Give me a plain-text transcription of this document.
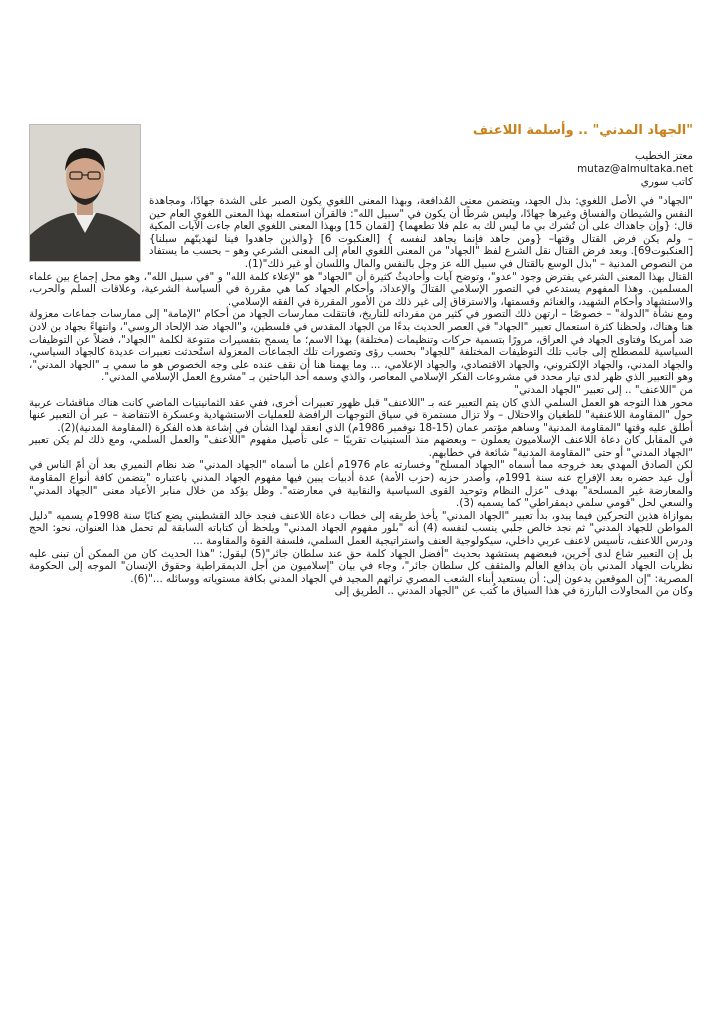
"الجهاد المدني" .. وأسلمة اللاعنف

معتز الخطيب

mutaz@almultaka.net

كاتب سوري

"الجهاد" في الأصل اللغوي: بذل الجهد، ويتضمن معنى المُدافعة، وبهذا المعنى اللغوي يكون الصبر على الشدة جهادًا، ومجاهدة النفس والشيطان والفساق وغيرها جهادًا، وليس شرطًا أن يكون في "سبيل الله": فالقرآن استعمله بهذا المعنى اللغوي العام حين قال: {وإن جاهداك على أن تُشرك بي ما ليس لك به علم فلا تطعهما} [لقمان 15] وبهذا المعنى اللغوي العام جاءت الآيات المكية – ولم يكن فرض القتال وقتها– {ومن جاهد فإنما يجاهد لنفسه } [العنكبوت 6] {والذين جاهدوا فينا لنهدينّهم سبلنا} [العنكبوت69]. وبعد فرض القتال نقل الشرع لفظ "الجهاد" من المعنى اللغوي العام إلى المعنى الشرعي وهو – بحسب ما يستفاد من النصوص المدنية – "بذل الوسع بالقتال في سبيل الله عز وجل بالنفس والمال واللسان أو غير ذلك"(1).

القتال بهذا المعنى الشرعي يفترض وجود "عدو"، وتوضح آيات وأحاديثُ كثيرة أن "الجهاد" هو "لإعلاء كلمة الله" و "في سبيل الله"، وهو محل إجماع بين علماء المسلمين. وهذا المفهوم يستدعي في التصور الإسلامي القتالَ والإعدادَ، وأحكام الجهاد كما هي مقررة في السياسة الشرعية، وعلاقات السلم والحرب، والاستشهاد وأحكام الشهيد، والغنائم وقسمتها، والاسترقاق إلى غير ذلك من الأمور المقررة في الفقه الإسلامي.

ومع نشأة "الدولة" – خصوصًا – ارتهن ذلك التصور في كثير من مفرداته للتاريخ، فانتقلت ممارسات الجهاد من أحكام "الإمامة" إلى ممارسات جماعات معزولة هنا وهناك، ولحظنا كثرة استعمال تعبير "الجهاد" في العصر الحديث بدءًا من الجهاد المقدس في فلسطين، و"الجهاد ضد الإلحاد الروسي"، وانتهاءً بجهاد بن لادن ضد أمريكا وفتاوى الجهاد في العراق، مرورًا بتسمية حركات وتنظيمات (مختلفة) بهذا الاسم؛ ما يسمح بتفسيرات متنوعة لكلمة "الجهاد"، فضلاً عن التوظيفات السياسية للمصطلح إلى جانب تلك التوظيفات المختلفة "للجهاد" بحسب رؤى وتصورات تلك الجماعات المعزولة استُحدثت تعبيرات عديدة كالجهاد السياسي، والجهاد المدني، والجهاد الإلكتروني، والجهاد الاقتصادي، والجهاد الإعلامي، ... وما يهمنا هنا أن نقف عنده على وجه الخصوص هو ما سمي بـ "الجهاد المدني"، وهو التعبير الذي ظهر لدى تيار محدد في مشروعات الفكر الإسلامي المعاصر، والذي وسمه أحد الباحثين بـ "مشروع العمل الإسلامي المدني".

من "اللاعنف" .. إلى تعبير "الجهاد المدني"

محور هذا التوجه هو العمل السلمي الذي كان يتم التعبير عنه بـ "اللاعنف" قبل ظهور تعبيرات أخرى، ففي عقد الثمانينيات الماضي كانت هناك مناقشات عربية حول "المقاومة اللاعنفية" للطغيان والاحتلال – ولا تزال مستمرة في سياق التوجهات الرافضة للعمليات الاستشهادية وعسكرة الانتفاضة – عبر أن التعبير عنها أطلق عليه وقتها "المقاومة المدنية" وساهم مؤتمر عمان (15-18 نوفمبر 1986م) الذي انعقد لهذا الشأن في إشاعة هذه الفكرة (المقاومة المدنية)(2).

في المقابل كان دعاة اللاعنف الإسلاميون يعملون – وبعضهم منذ الستينيات تقريبًا – على تأصيل مفهوم "اللاعنف" والعمل السلمي، ومع ذلك لم يكن تعبير "الجهاد المدني" أو حتى "المقاومة المدنية" شائعة في خطابهم.

لكن الصادق المهدي بعد خروجه مما أسماه "الجهاد المسلح" وخسارته عام 1976م أعلن ما أسماه "الجهاد المدني" ضد نظام النميري بعد أن أمّ الناس في أول عيد حضره بعد الإفراج عنه سنة 1991م، وأصدر حزبه (حزب الأمة) عدة أدبيات يبين فيها مفهوم الجهاد المدني باعتباره "يتضمن كافة أنواع المقاومة والمعارضة غير المسلحة" بهدف "عزل النظام وتوحيد القوى السياسية والنقابية في معارضته". وظل يؤكد من خلال منابر الأعياد معنى "الجهاد المدني" والسعي لحل "قومي سلمي ديمقراطي" كما يسميه (3).

بموازاة هذين التحركين فيما يبدو، بدأ تعبير "الجهاد المدني" يأخذ طريقه إلى خطاب دعاة اللاعنف فنجد خالد القشطيني يضع كتابًا سنة 1998م يسميه "دليل المواطن للجهاد المدني" ثم نجد خالص جلبي ينسب لنفسه (4) أنه "بلور مفهوم الجهاد المدني" ويلحظ أن كتاباته السابقة لم تحمل هذا العنوان، نحو: الحج ودرس اللاعنف، تأسيس لاعنف عربي داخلي، سيكولوجية العنف واستراتيجية العمل السلمي، فلسفة القوة والمقاومة ...

بل إن التعبير شاع لدى آخرين، فبعضهم يستشهد بحديث "أفضل الجهاد كلمة حق عند سلطان جائر"(5) ليقول: "هذا الحديث كان من الممكن أن تبنى عليه نظريات الجهاد المدني بأن يدافع العالم والمثقف كل سلطان جائر"، وجاء في بيان "إسلاميون من أجل الديمقراطية وحقوق الإنسان" الموجه إلى الحكومة المصرية: "إن الموقعين يدعون إلى: أن يستعيد أبناء الشعب المصري تراثهم المجيد في الجهاد المدني بكافة مستوياته ووسائله ..."(6).

وكان من المحاولات البارزة في هذا السياق ما كُتب عن "الجهاد المدني .. الطريق إلى
